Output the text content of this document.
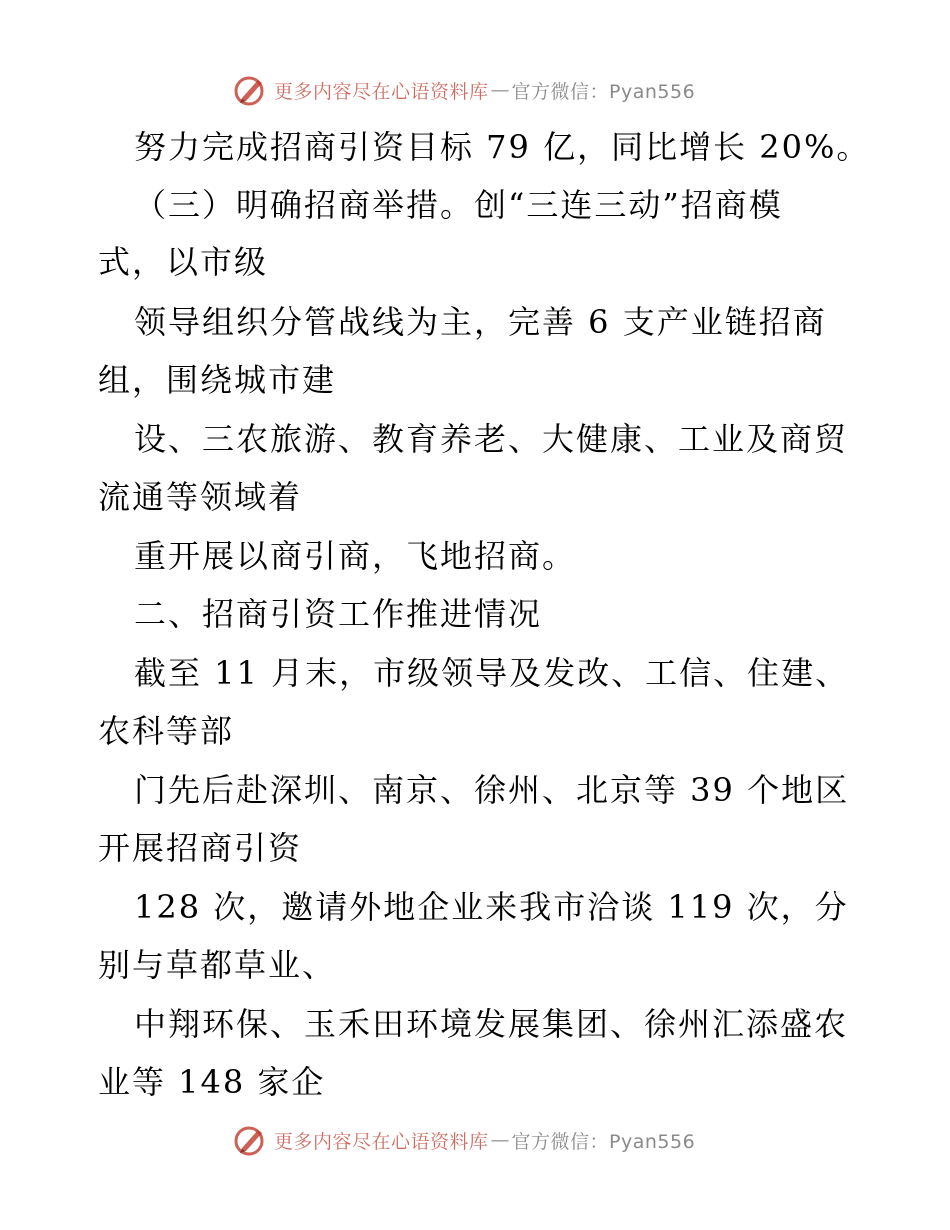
更多内容尽在心语资料库 — 官方微信：Pyan556
努力完成招商引资目标 79 亿，同比增长 20%。
（三）明确招商举措。创“三连三动”招商模
式，以市级
领导组织分管战线为主，完善 6 支产业链招商
组，围绕城市建
设、三农旅游、教育养老、大健康、工业及商贸
流通等领域着
重开展以商引商，飞地招商。
二、招商引资工作推进情况
截至 11 月末，市级领导及发改、工信、住建、
农科等部
门先后赴深圳、南京、徐州、北京等 39 个地区
开展招商引资
128 次，邀请外地企业来我市洽谈 119 次，分
别与草都草业、
中翔环保、玉禾田环境发展集团、徐州汇添盛农
业等 148 家企
更多内容尽在心语资料库 — 官方微信：Pyan556
